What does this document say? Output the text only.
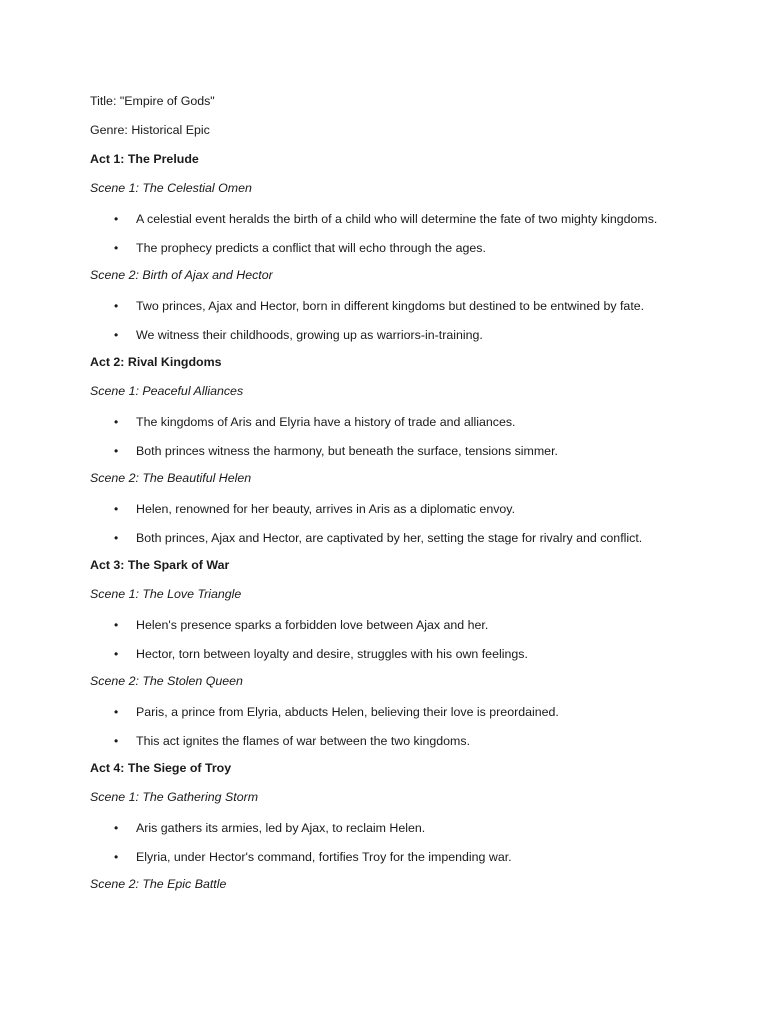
Title: "Empire of Gods"

Genre: Historical Epic

Act 1: The Prelude

Scene 1: The Celestial Omen

• A celestial event heralds the birth of a child who will determine the fate of two mighty kingdoms.
• The prophecy predicts a conflict that will echo through the ages.

Scene 2: Birth of Ajax and Hector

• Two princes, Ajax and Hector, born in different kingdoms but destined to be entwined by fate.
• We witness their childhoods, growing up as warriors-in-training.

Act 2: Rival Kingdoms

Scene 1: Peaceful Alliances

• The kingdoms of Aris and Elyria have a history of trade and alliances.
• Both princes witness the harmony, but beneath the surface, tensions simmer.

Scene 2: The Beautiful Helen

• Helen, renowned for her beauty, arrives in Aris as a diplomatic envoy.
• Both princes, Ajax and Hector, are captivated by her, setting the stage for rivalry and conflict.

Act 3: The Spark of War

Scene 1: The Love Triangle

• Helen's presence sparks a forbidden love between Ajax and her.
• Hector, torn between loyalty and desire, struggles with his own feelings.

Scene 2: The Stolen Queen

• Paris, a prince from Elyria, abducts Helen, believing their love is preordained.
• This act ignites the flames of war between the two kingdoms.

Act 4: The Siege of Troy

Scene 1: The Gathering Storm

• Aris gathers its armies, led by Ajax, to reclaim Helen.
• Elyria, under Hector's command, fortifies Troy for the impending war.

Scene 2: The Epic Battle
